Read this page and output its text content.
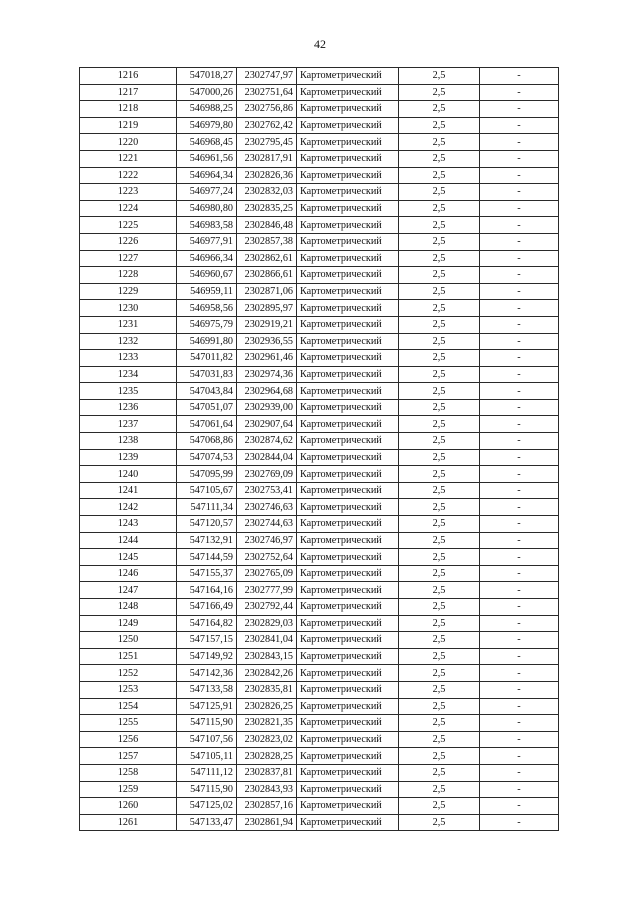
42
1216	547018,27	2302747,97	Картометрический	2,5	-
1217	547000,26	2302751,64	Картометрический	2,5	-
1218	546988,25	2302756,86	Картометрический	2,5	-
1219	546979,80	2302762,42	Картометрический	2,5	-
1220	546968,45	2302795,45	Картометрический	2,5	-
1221	546961,56	2302817,91	Картометрический	2,5	-
1222	546964,34	2302826,36	Картометрический	2,5	-
1223	546977,24	2302832,03	Картометрический	2,5	-
1224	546980,80	2302835,25	Картометрический	2,5	-
1225	546983,58	2302846,48	Картометрический	2,5	-
1226	546977,91	2302857,38	Картометрический	2,5	-
1227	546966,34	2302862,61	Картометрический	2,5	-
1228	546960,67	2302866,61	Картометрический	2,5	-
1229	546959,11	2302871,06	Картометрический	2,5	-
1230	546958,56	2302895,97	Картометрический	2,5	-
1231	546975,79	2302919,21	Картометрический	2,5	-
1232	546991,80	2302936,55	Картометрический	2,5	-
1233	547011,82	2302961,46	Картометрический	2,5	-
1234	547031,83	2302974,36	Картометрический	2,5	-
1235	547043,84	2302964,68	Картометрический	2,5	-
1236	547051,07	2302939,00	Картометрический	2,5	-
1237	547061,64	2302907,64	Картометрический	2,5	-
1238	547068,86	2302874,62	Картометрический	2,5	-
1239	547074,53	2302844,04	Картометрический	2,5	-
1240	547095,99	2302769,09	Картометрический	2,5	-
1241	547105,67	2302753,41	Картометрический	2,5	-
1242	547111,34	2302746,63	Картометрический	2,5	-
1243	547120,57	2302744,63	Картометрический	2,5	-
1244	547132,91	2302746,97	Картометрический	2,5	-
1245	547144,59	2302752,64	Картометрический	2,5	-
1246	547155,37	2302765,09	Картометрический	2,5	-
1247	547164,16	2302777,99	Картометрический	2,5	-
1248	547166,49	2302792,44	Картометрический	2,5	-
1249	547164,82	2302829,03	Картометрический	2,5	-
1250	547157,15	2302841,04	Картометрический	2,5	-
1251	547149,92	2302843,15	Картометрический	2,5	-
1252	547142,36	2302842,26	Картометрический	2,5	-
1253	547133,58	2302835,81	Картометрический	2,5	-
1254	547125,91	2302826,25	Картометрический	2,5	-
1255	547115,90	2302821,35	Картометрический	2,5	-
1256	547107,56	2302823,02	Картометрический	2,5	-
1257	547105,11	2302828,25	Картометрический	2,5	-
1258	547111,12	2302837,81	Картометрический	2,5	-
1259	547115,90	2302843,93	Картометрический	2,5	-
1260	547125,02	2302857,16	Картометрический	2,5	-
1261	547133,47	2302861,94	Картометрический	2,5	-
